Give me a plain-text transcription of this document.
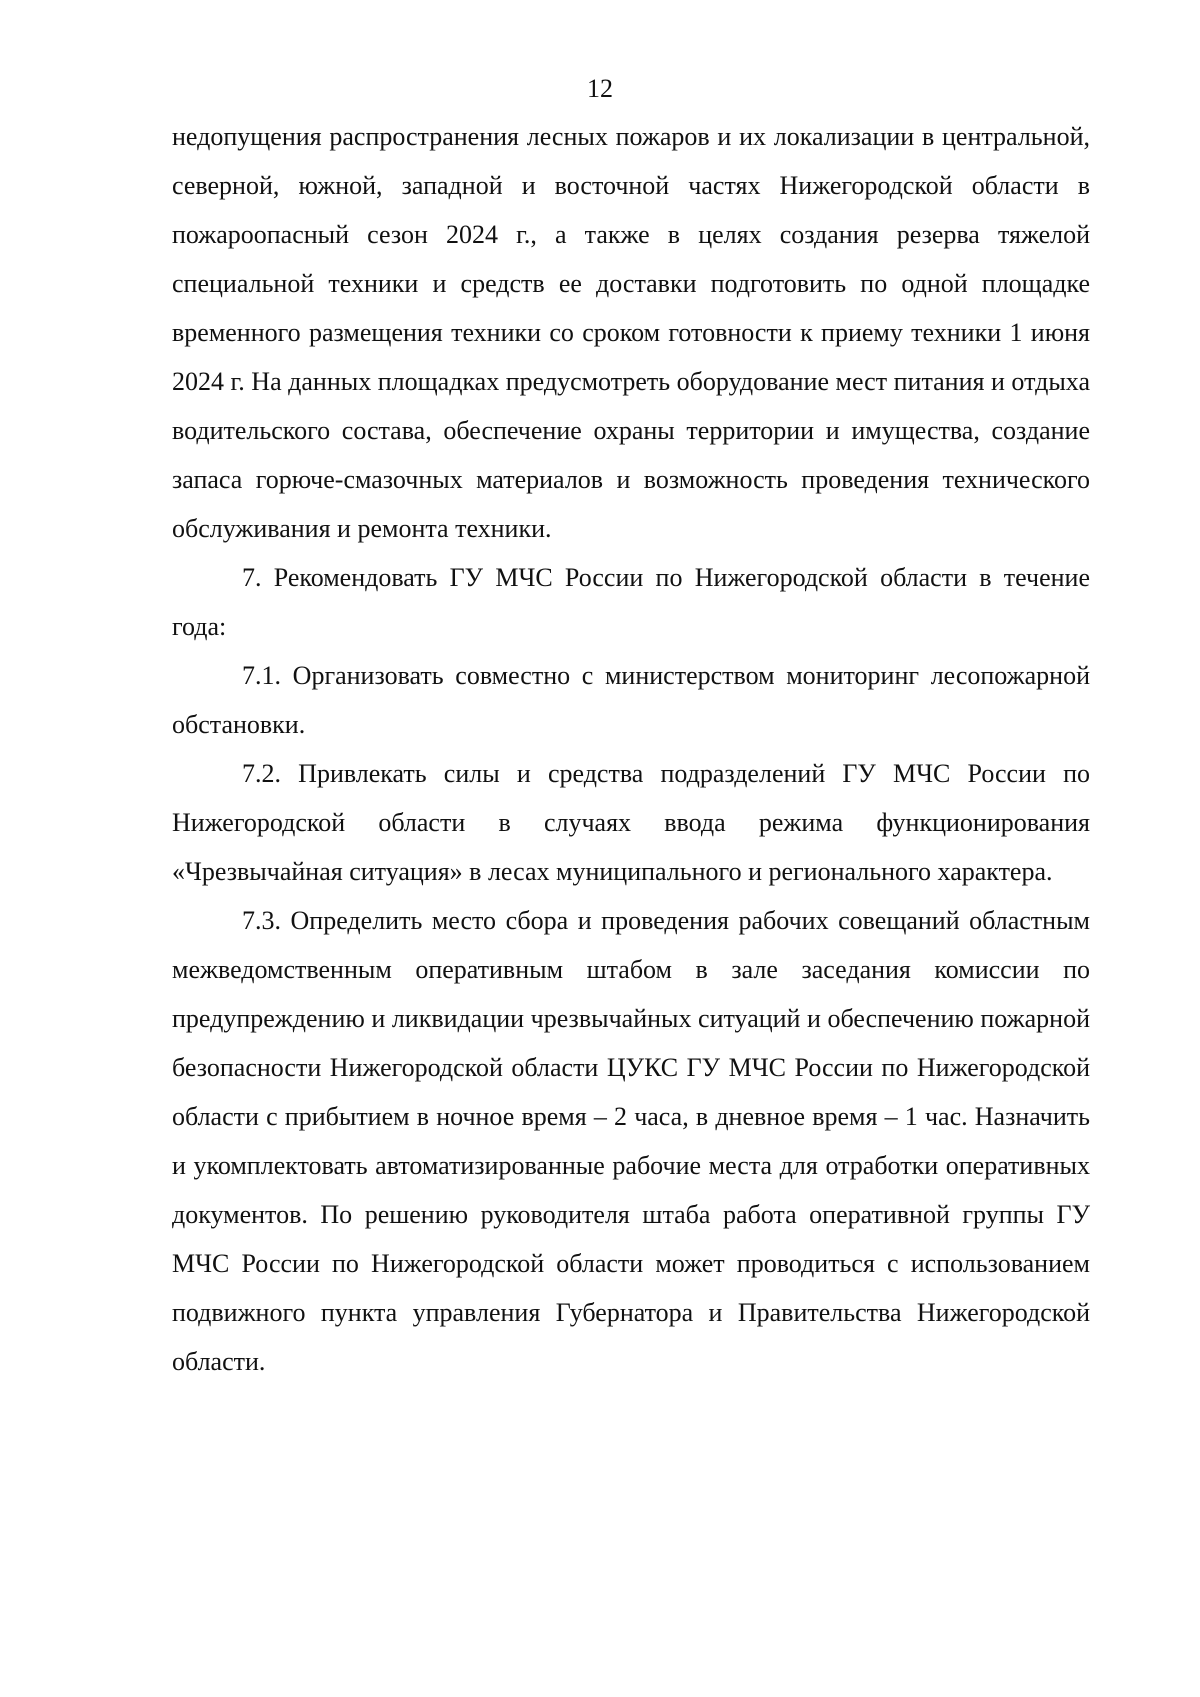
12

недопущения распространения лесных пожаров и их локализации в центральной, северной, южной, западной и восточной частях Нижегородской области в пожароопасный сезон 2024 г., а также в целях создания резерва тяжелой специальной техники и средств ее доставки подготовить по одной площадке временного размещения техники со сроком готовности к приему техники 1 июня 2024 г. На данных площадках предусмотреть оборудование мест питания и отдыха водительского состава, обеспечение охраны территории и имущества, создание запаса горюче-смазочных материалов и возможность проведения технического обслуживания и ремонта техники.

7. Рекомендовать ГУ МЧС России по Нижегородской области в течение года:

7.1. Организовать совместно с министерством мониторинг лесопожарной обстановки.

7.2. Привлекать силы и средства подразделений ГУ МЧС России по Нижегородской области в случаях ввода режима функционирования «Чрезвычайная ситуация» в лесах муниципального и регионального характера.

7.3. Определить место сбора и проведения рабочих совещаний областным межведомственным оперативным штабом в зале заседания комиссии по предупреждению и ликвидации чрезвычайных ситуаций и обеспечению пожарной безопасности Нижегородской области ЦУКС ГУ МЧС России по Нижегородской области с прибытием в ночное время – 2 часа, в дневное время – 1 час. Назначить и укомплектовать автоматизированные рабочие места для отработки оперативных документов. По решению руководителя штаба работа оперативной группы ГУ МЧС России по Нижегородской области может проводиться с использованием подвижного пункта управления Губернатора и Правительства Нижегородской области.
